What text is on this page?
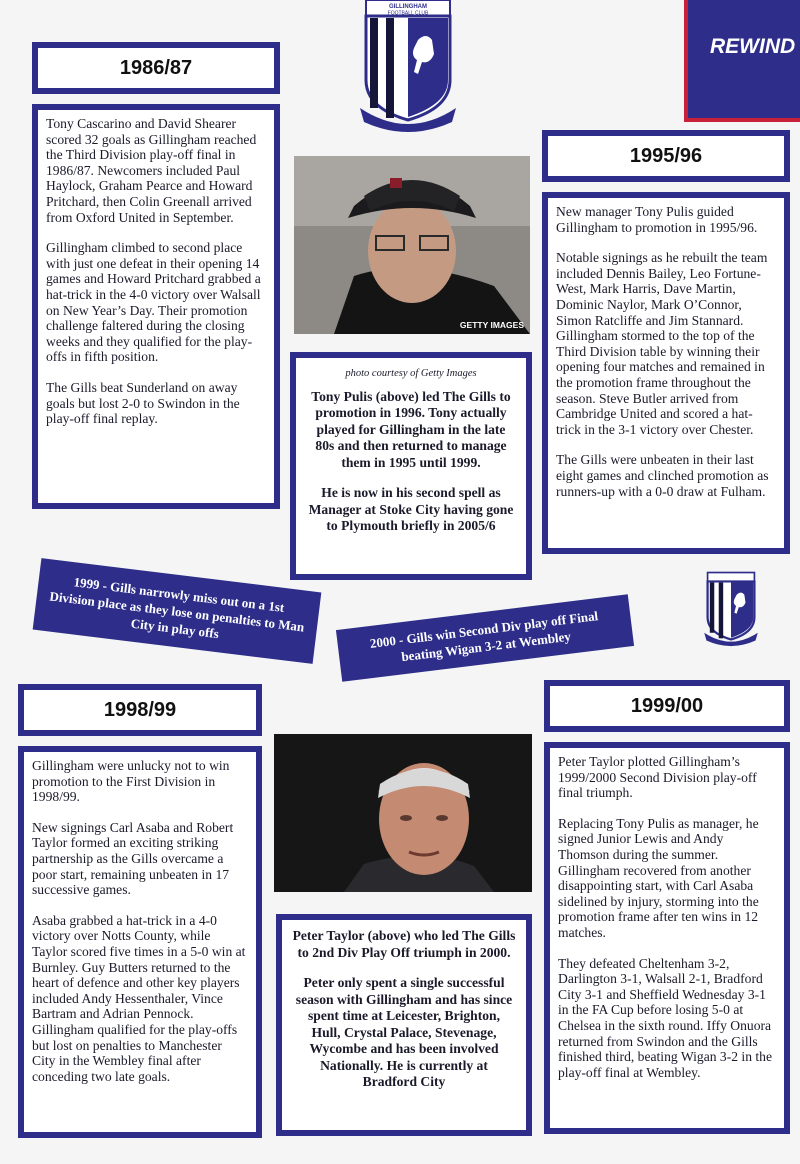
REWIND
GILLINGHAM
FOOTBALL CLUB
1986/87

Tony Cascarino and David Shearer scored 32 goals as Gillingham reached the Third Division play-off final in 1986/87. Newcomers included Paul Haylock, Graham Pearce and Howard Pritchard, then Colin Greenall arrived from Oxford United in September.

Gillingham climbed to second place with just one defeat in their opening 14 games and Howard Pritchard grabbed a hat-trick in the 4-0 victory over Walsall on New Year’s Day. Their promotion challenge faltered during the closing weeks and they qualified for the play-offs in fifth position.

The Gills beat Sunderland on away goals but lost 2-0 to Swindon in the play-off final replay.

GETTY IMAGES

photo courtesy of Getty Images

Tony Pulis (above) led The Gills to promotion in 1996. Tony actually played for Gillingham in the late 80s and then returned to manage them in 1995 until 1999.

He is now in his second spell as Manager at Stoke City having gone to Plymouth briefly in 2005/6

1995/96

New manager Tony Pulis guided Gillingham to promotion in 1995/96.

Notable signings as he rebuilt the team included Dennis Bailey, Leo Fortune-West, Mark Harris, Dave Martin, Dominic Naylor, Mark O’Connor, Simon Ratcliffe and Jim Stannard. Gillingham stormed to the top of the Third Division table by winning their opening four matches and remained in the promotion frame throughout the season. Steve Butler arrived from Cambridge United and scored a hat-trick in the 3-1 victory over Chester.

The Gills were unbeaten in their last eight games and clinched promotion as runners-up with a 0-0 draw at Fulham.

1999 - Gills narrowly miss out on a 1st Division place as they lose on penalties to Man City in play offs	2000 - Gills win Second Div play off Final beating Wigan 3-2 at Wembley
1998/99

Gillingham were unlucky not to win promotion to the First Division in 1998/99.

New signings Carl Asaba and Robert Taylor formed an exciting striking partnership as the Gills overcame a poor start, remaining unbeaten in 17 successive games.

Asaba grabbed a hat-trick in a 4-0 victory over Notts County, while Taylor scored five times in a 5-0 win at Burnley. Guy Butters returned to the heart of defence and other key players included Andy Hessenthaler, Vince Bartram and Adrian Pennock. Gillingham qualified for the play-offs but lost on penalties to Manchester City in the Wembley final after conceding two late goals.

Peter Taylor (above) who led The Gills to 2nd Div Play Off triumph in 2000.

Peter only spent a single successful season with Gillingham and has since spent time at Leicester, Brighton, Hull, Crystal Palace, Stevenage, Wycombe and has been involved Nationally. He is currently at Bradford City

1999/00

Peter Taylor plotted Gillingham’s 1999/2000 Second Division play-off final triumph.

Replacing Tony Pulis as manager, he signed Junior Lewis and Andy Thomson during the summer. Gillingham recovered from another disappointing start, with Carl Asaba sidelined by injury, storming into the promotion frame after ten wins in 12 matches.

They defeated Cheltenham 3-2, Darlington 3-1, Walsall 2-1, Bradford City 3-1 and Sheffield Wednesday 3-1 in the FA Cup before losing 5-0 at Chelsea in the sixth round. Iffy Onuora returned from Swindon and the Gills finished third, beating Wigan 3-2 in the play-off final at Wembley.
